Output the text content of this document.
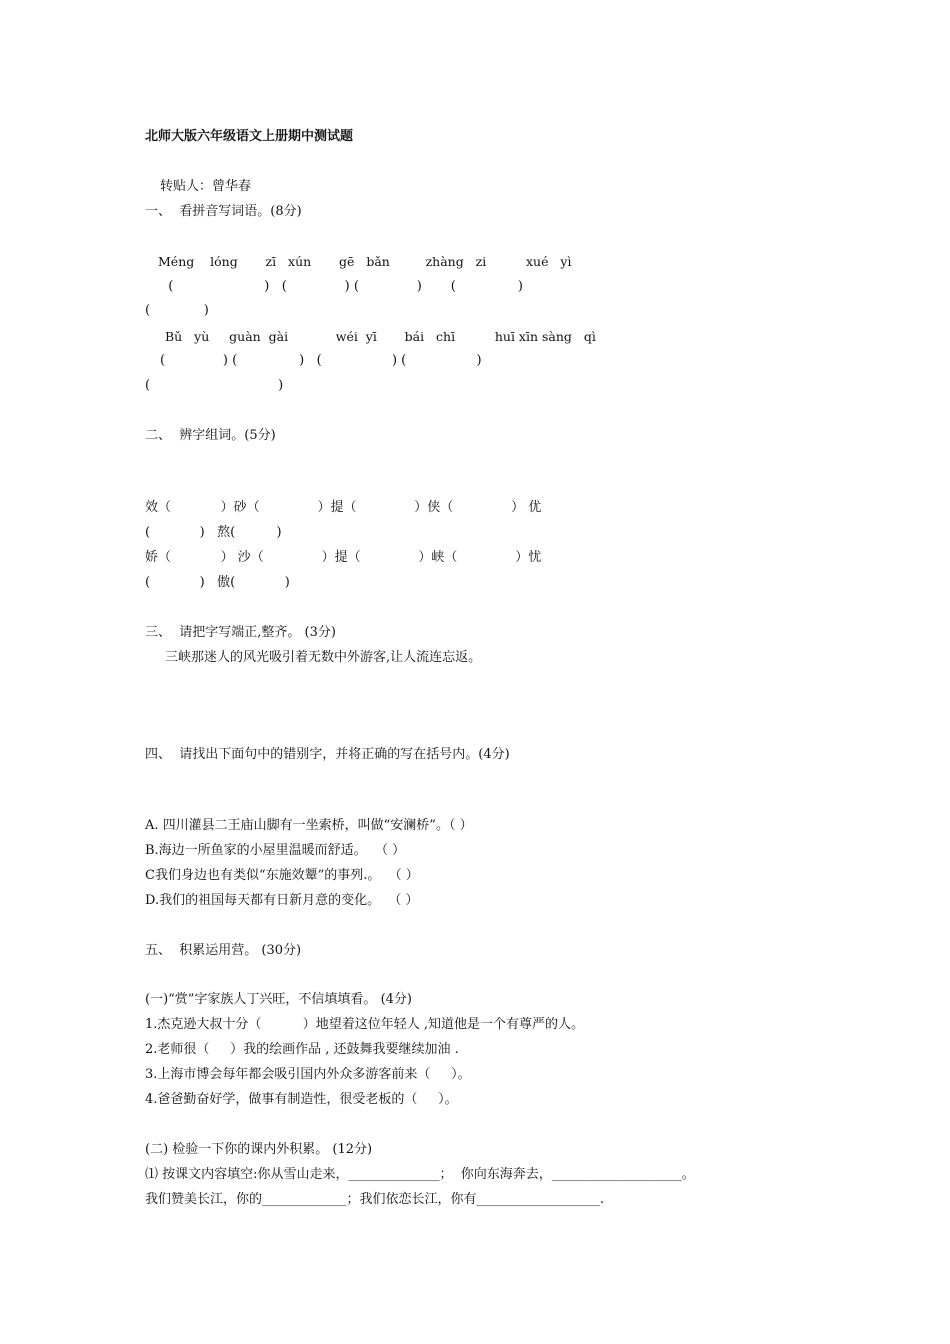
北师大版六年级语文上册期中测试题
转贴人：曾华春
一、  看拼音写词语。(8分)
Méng    lóng       zī   xún       gē   bǎn         zhàng   zi          xué   yì
(                      )   (              ) (              )       (               )
(             )
Bǔ   yù     guàn  gài            wéi  yī       bái   chī          huī xīn sàng   qì
(              ) (               )   (                 ) (                 )
(                               )
二、  辨字组词。(5分)
效（            ）砂（              ）提（              ）侠（              ） 优
(            )   熬(          )
娇（            ） 沙（              ）提（              ）峡（              ）忧
(            )   傲(            )
三、  请把字写端正,整齐。 (3分)
三峡那迷人的风光吸引着无数中外游客,让人流连忘返。
四、  请找出下面句中的错别字，并将正确的写在括号内。(4分)
A. 四川灌县二王庙山脚有一坐索桥，叫做“安澜桥”。（ ）
B.海边一所鱼家的小屋里温暖而舒适。  （ ）
C我们身边也有类似“东施效颦”的事列.。  （ ）
D.我们的祖国每天都有日新月意的变化。  （ ）
五、  积累运用营。 (30分)
(一)“赏”字家族人丁兴旺，不信填填看。 (4分)
1.杰克逊大叔十分（          ）地望着这位年轻人 ,知道他是一个有尊严的人。
2.老师很（     ）我的绘画作品 , 还鼓舞我要继续加油 .
3.上海市博会每年都会吸引国内外众多游客前来（     ）。
4.爸爸勤奋好学，做事有制造性，很受老板的（     ）。
(二) 检验一下你的课内外积累。 (12分)
⑴ 按课文内容填空:你从雪山走来，______________；  你向东海奔去，____________________。
我们赞美长江，你的_____________；我们依恋长江，你有___________________.
